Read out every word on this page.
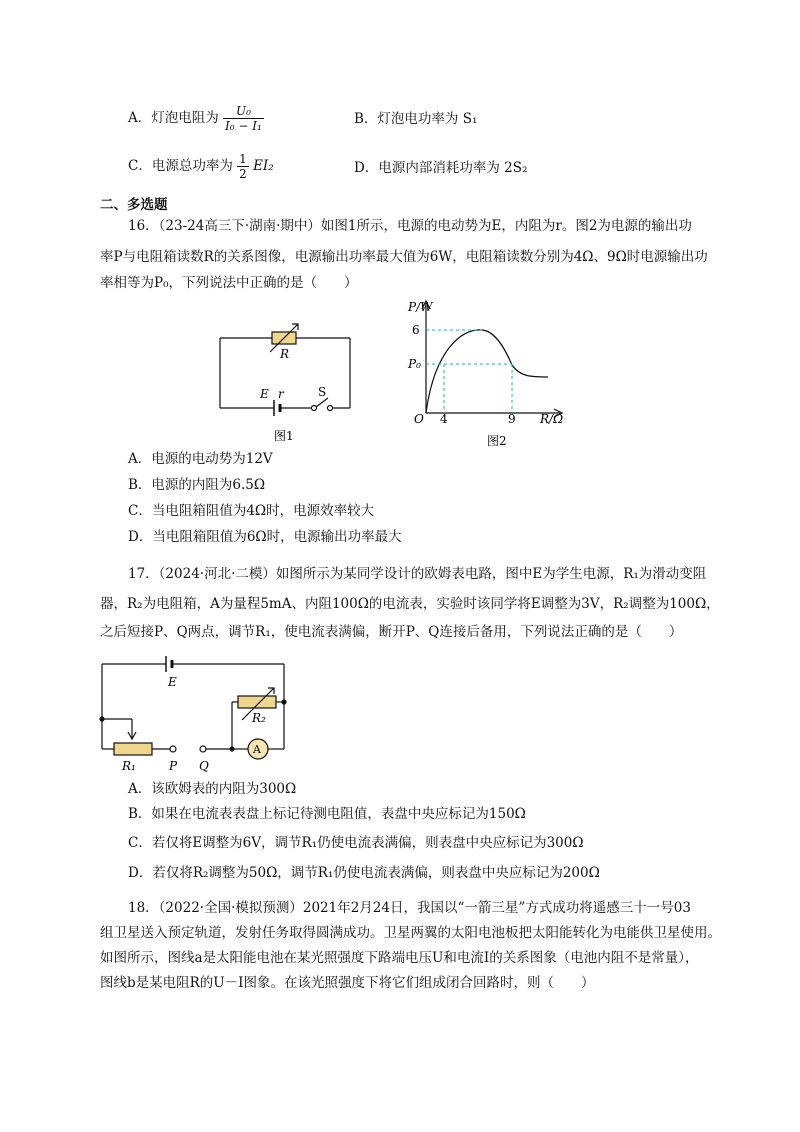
A．灯泡电阻为 $\frac{\text{U₀}}{\text{I₀ − I₁}}$	B．灯泡电功率为 S₁
C．电源总功率为 $\frac{1}{2} EI_2$	D．电源内部消耗功率为 2S₂
二、多选题
16．（23-24高三下·湖南·期中）如图1所示，电源的电动势为E，内阻为r。图2为电源的输出功
率P与电阻箱读数R的关系图像，电源输出功率最大值为6W，电阻箱读数分别为4Ω、9Ω时电源输出功
率相等为P₀，下列说法中正确的是（　　）
R
E r	S
图1
P/W
6
P₀
O 4	9 R/Ω
图2
A．电源的电动势为12V
B．电源的内阻为6.5Ω
C．当电阻箱阻值为4Ω时，电源效率较大
D．当电阻箱阻值为6Ω时，电源输出功率最大
17．（2024·河北·二模）如图所示为某同学设计的欧姆表电路，图中E为学生电源，R₁为滑动变阻
器，R₂为电阻箱，A为量程5mA、内阻100Ω的电流表，实验时该同学将E调整为3V，R₂调整为100Ω，
之后短接P、Q两点，调节R₁，使电流表满偏，断开P、Q连接后备用，下列说法正确的是（　　）
E
R₂
R₁
A
P Q
A．该欧姆表的内阻为300Ω
B．如果在电流表表盘上标记待测电阻值，表盘中央应标记为150Ω
C．若仅将E调整为6V，调节R₁仍使电流表满偏，则表盘中央应标记为300Ω
D．若仅将R₂调整为50Ω，调节R₁仍使电流表满偏，则表盘中央应标记为200Ω
18．（2022·全国·模拟预测）2021年2月24日，我国以“一箭三星”方式成功将遥感三十一号03
组卫星送入预定轨道，发射任务取得圆满成功。卫星两翼的太阳电池板把太阳能转化为电能供卫星使用。
如图所示，图线a是太阳能电池在某光照强度下路端电压U和电流I的关系图象（电池内阻不是常量），
图线b是某电阻R的U－I图象。在该光照强度下将它们组成闭合回路时，则（　　）
